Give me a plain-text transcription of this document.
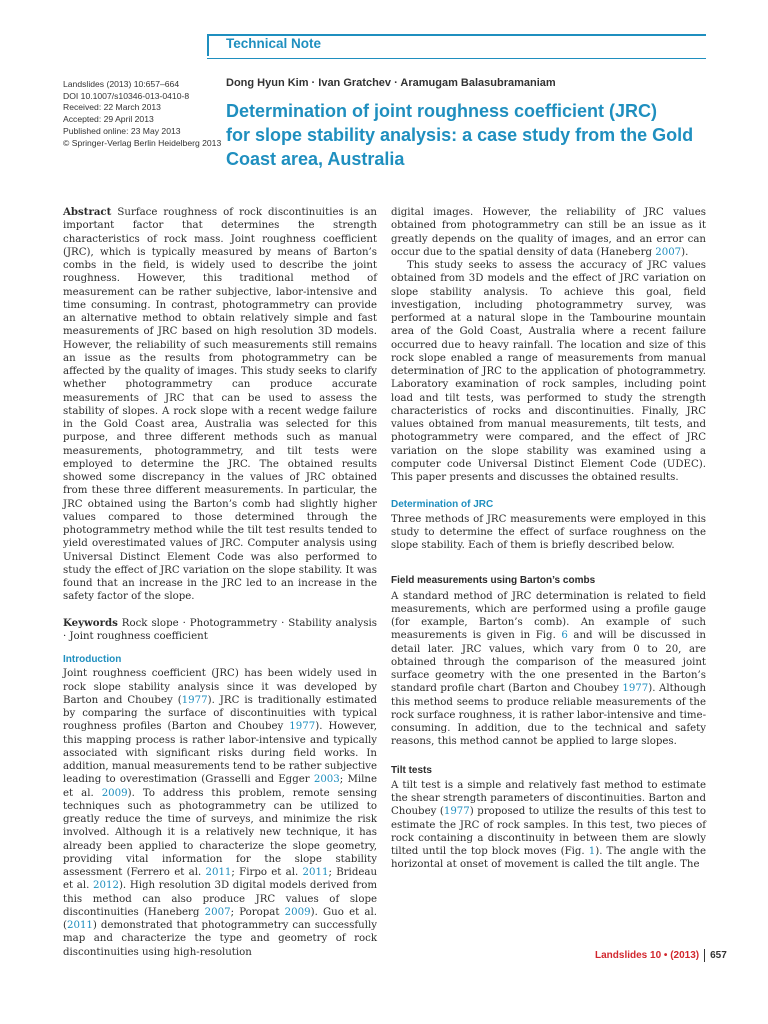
Technical Note
Landslides (2013) 10:657–664
DOI 10.1007/s10346-013-0410-8
Received: 22 March 2013
Accepted: 29 April 2013
Published online: 23 May 2013
© Springer-Verlag Berlin Heidelberg 2013
Dong Hyun Kim · Ivan Gratchev · Aramugam Balasubramaniam
Determination of joint roughness coefficient (JRC)
for slope stability analysis: a case study from the Gold
Coast area, Australia

Abstract Surface roughness of rock discontinuities is an important factor that determines the strength characteristics of rock mass. Joint roughness coefficient (JRC), which is typically measured by means of Barton’s combs in the field, is widely used to describe the joint roughness. However, this traditional method of measurement can be rather subjective, labor-intensive and time consuming. In contrast, photogrammetry can provide an alternative method to obtain relatively simple and fast measurements of JRC based on high resolution 3D models. However, the reliability of such measurements still remains an issue as the results from photogrammetry can be affected by the quality of images. This study seeks to clarify whether photogrammetry can produce accurate measurements of JRC that can be used to assess the stability of slopes. A rock slope with a recent wedge failure in the Gold Coast area, Australia was selected for this purpose, and three different methods such as manual measurements, photogrammetry, and tilt tests were employed to determine the JRC. The obtained results showed some discrepancy in the values of JRC obtained from these three different measurements. In particular, the JRC obtained using the Barton’s comb had slightly higher values compared to those determined through the photogrammetry method while the tilt test results tended to yield overestimated values of JRC. Computer analysis using Universal Distinct Element Code was also performed to study the effect of JRC variation on the slope stability. It was found that an increase in the JRC led to an increase in the safety factor of the slope.

Keywords Rock slope · Photogrammetry · Stability analysis · Joint roughness coefficient

Introduction

Joint roughness coefficient (JRC) has been widely used in rock slope stability analysis since it was developed by Barton and Choubey (1977). JRC is traditionally estimated by comparing the surface of discontinuities with typical roughness profiles (Barton and Choubey 1977). However, this mapping process is rather labor-intensive and typically associated with significant risks during field works. In addition, manual measurements tend to be rather subjective leading to overestimation (Grasselli and Egger 2003; Milne et al. 2009). To address this problem, remote sensing techniques such as photogrammetry can be utilized to greatly reduce the time of surveys, and minimize the risk involved. Although it is a relatively new technique, it has already been applied to characterize the slope geometry, providing vital information for the slope stability assessment (Ferrero et al. 2011; Firpo et al. 2011; Brideau et al. 2012). High resolution 3D digital models derived from this method can also produce JRC values of slope discontinuities (Haneberg 2007; Poropat 2009). Guo et al. (2011) demonstrated that photogrammetry can successfully map and characterize the type and geometry of rock discontinuities using high-resolution

digital images. However, the reliability of JRC values obtained from photogrammetry can still be an issue as it greatly depends on the quality of images, and an error can occur due to the spatial density of data (Haneberg 2007).

This study seeks to assess the accuracy of JRC values obtained from 3D models and the effect of JRC variation on slope stability analysis. To achieve this goal, field investigation, including photogrammetry survey, was performed at a natural slope in the Tambourine mountain area of the Gold Coast, Australia where a recent failure occurred due to heavy rainfall. The location and size of this rock slope enabled a range of measurements from manual determination of JRC to the application of photogrammetry. Laboratory examination of rock samples, including point load and tilt tests, was performed to study the strength characteristics of rocks and discontinuities. Finally, JRC values obtained from manual measurements, tilt tests, and photogrammetry were compared, and the effect of JRC variation on the slope stability was examined using a computer code Universal Distinct Element Code (UDEC). This paper presents and discusses the obtained results.

Determination of JRC

Three methods of JRC measurements were employed in this study to determine the effect of surface roughness on the slope stability. Each of them is briefly described below.

Field measurements using Barton’s combs

A standard method of JRC determination is related to field measurements, which are performed using a profile gauge (for example, Barton’s comb). An example of such measurements is given in Fig. 6 and will be discussed in detail later. JRC values, which vary from 0 to 20, are obtained through the comparison of the measured joint surface geometry with the one presented in the Barton’s standard profile chart (Barton and Choubey 1977). Although this method seems to produce reliable measurements of the rock surface roughness, it is rather labor-intensive and time-consuming. In addition, due to the technical and safety reasons, this method cannot be applied to large slopes.

Tilt tests

A tilt test is a simple and relatively fast method to estimate the shear strength parameters of discontinuities. Barton and Choubey (1977) proposed to utilize the results of this test to estimate the JRC of rock samples. In this test, two pieces of rock containing a discontinuity in between them are slowly tilted until the top block moves (Fig. 1). The angle with the horizontal at onset of movement is called the tilt angle. The

Landslides 10 • (2013) 657
